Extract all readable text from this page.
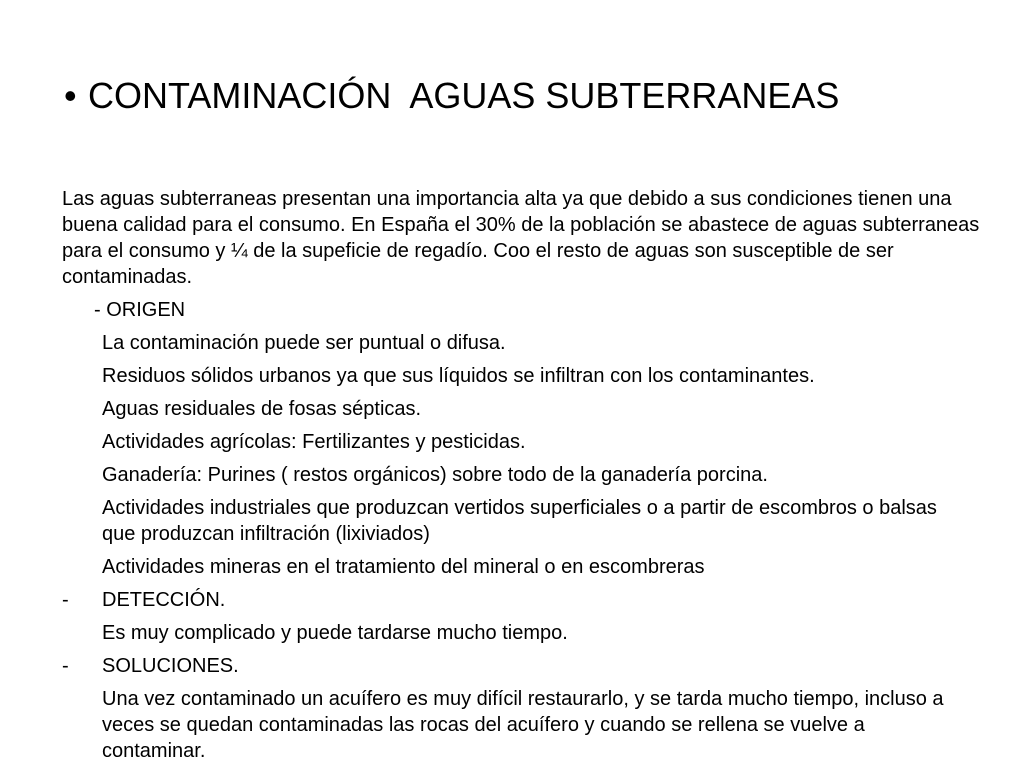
• CONTAMINACIÓN  AGUAS SUBTERRANEAS

Las aguas subterraneas presentan una importancia alta ya que debido a sus condiciones tienen una buena calidad para el consumo. En España el 30% de la población se abastece de aguas subterraneas para el consumo y ¼ de la supeficie de regadío. Coo el resto de aguas son susceptible de ser contaminadas.

- ORIGEN
La contaminación puede ser puntual o difusa.
Residuos sólidos urbanos ya que sus líquidos se infiltran con los contaminantes.
Aguas residuales de fosas sépticas.
Actividades agrícolas: Fertilizantes y pesticidas.
Ganadería: Purines ( restos orgánicos) sobre todo de la ganadería porcina.
Actividades industriales que produzcan vertidos superficiales o a partir de escombros o balsas que produzcan infiltración (lixiviados)
Actividades mineras en el tratamiento del mineral o en escombreras
-	DETECCIÓN.
Es muy complicado y puede tardarse mucho tiempo.
-	SOLUCIONES.
Una vez contaminado un acuífero es muy difícil restaurarlo, y se tarda mucho tiempo, incluso a veces se quedan contaminadas las rocas del acuífero y cuando se rellena se vuelve a contaminar.
